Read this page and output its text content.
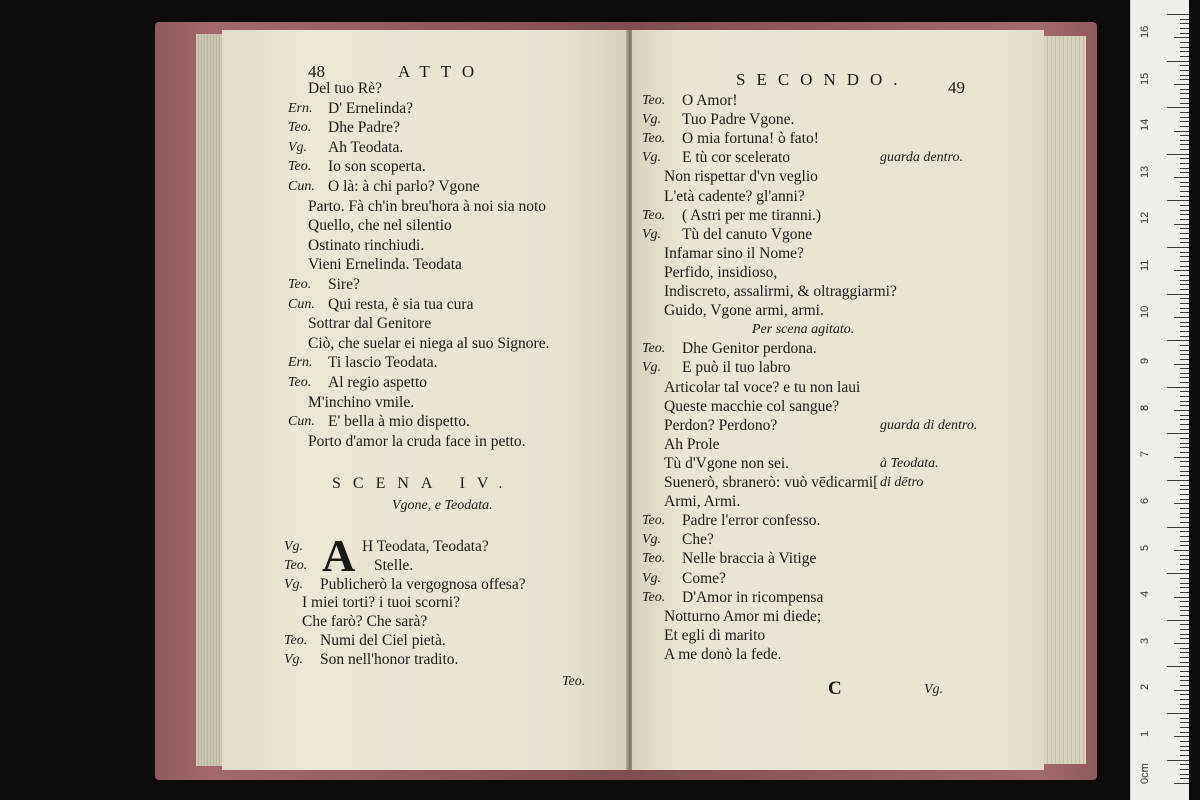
48	ATTO
Del tuo Rè?
Ern. D' Ernelinda?
Teo. Dhe Padre?
Vg. Ah Teodata.
Teo. Io son scoperta.
Cun. O là: à chi parlo? Vgone
Parto. Fà ch'in breu'hora à noi sia noto
Quello, che nel silentio
Ostinato rinchiudi.
Vieni Ernelinda. Teodata
Teo. Sire?
Cun. Qui resta, è sia tua cura
Sottrar dal Genitore
Ciò, che suelar ei niega al suo Signore.
Ern. Ti lascio Teodata.
Teo. Al regio aspetto
M'inchino vmile.
Cun. E' bella à mio dispetto.
Porto d'amor la cruda face in petto.
SCENA IV.
Vgone, e Teodata.
A
Vg.	H Teodata, Teodata?
Teo.	Stelle.
Vg. Publicherò la vergognosa offesa?
I miei torti? i tuoi scorni?
Che farò? Che sarà?
Teo. Numi del Ciel pietà.
Vg. Son nell'honor tradito.
Teo.
SECONDO. 49
Teo. O Amor!
Vg. Tuo Padre Vgone.
Teo. O mia fortuna! ò fato!
Vg. E tù cor scelerato	guarda dentro.
Non rispettar d'vn veglio
L'età cadente? gl'anni?
Teo. ( Astri per me tiranni.)
Vg. Tù del canuto Vgone
Infamar sino il Nome?
Perfido, insidioso,
Indiscreto, assalirmi, & oltraggiarmi?
Guido, Vgone armi, armi.
Per scena agitato.
Teo. Dhe Genitor perdona.
Vg. E può il tuo labro
Articolar tal voce? e tu non laui
Queste macchie col sangue?
Perdon? Perdono?	guarda di dentro.
Ah Prole
Tù d'Vgone non sei.	à Teodata.
Suenerò, sbranerò: vuò vēdicarmi[ di dētro
Armi, Armi.
Teo. Padre l'error confesso.
Vg. Che?
Teo. Nelle braccia à Vitige
Vg. Come?
Teo. D'Amor in ricompensa
Notturno Amor mi diede;
Et egli di marito
A me donò la fede.
C	Vg.
16
15
14
13
12
11
10
9
8
7
6
5
4
3
2
1
0cm
